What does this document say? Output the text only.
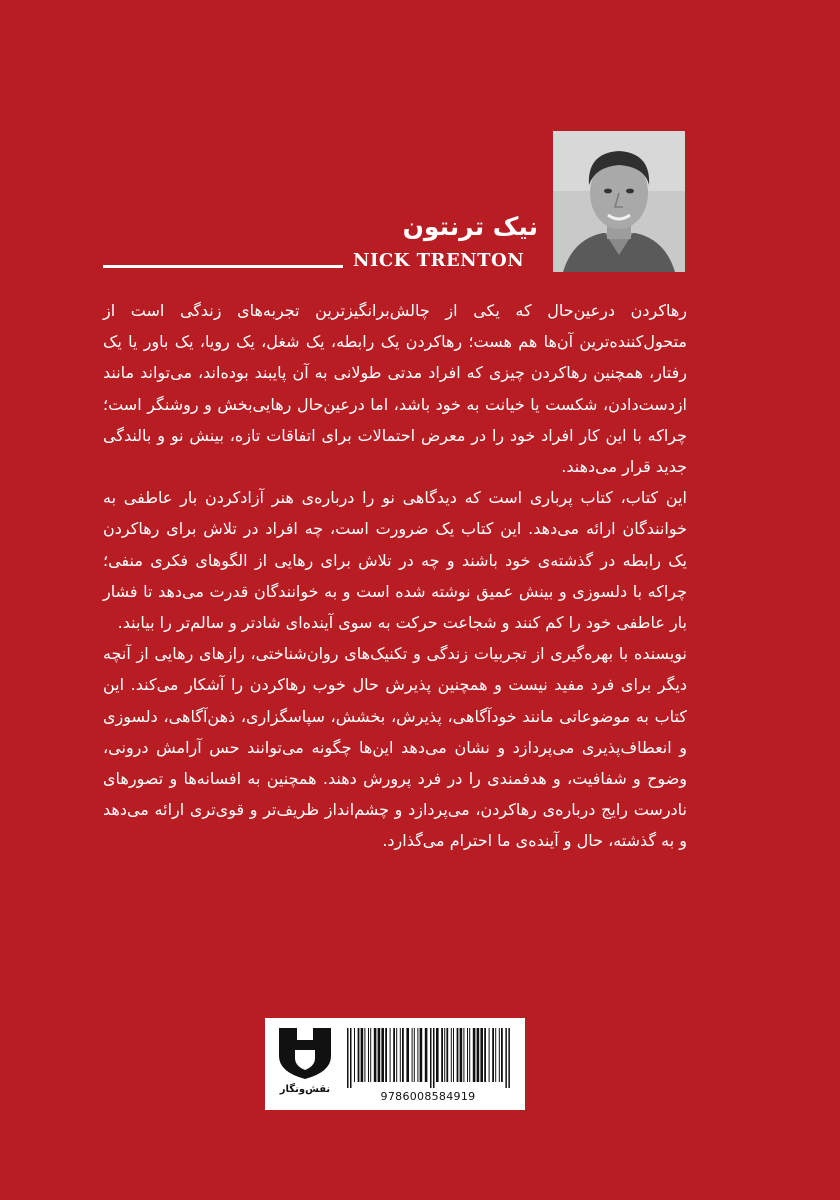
نیک ترنتون
NICK TRENTON

رهاکردن درعین‌حال که یکی از چالش‌برانگیزترین تجربه‌های زندگی است از متحول‌کننده‌ترین آن‌ها هم هست؛ رهاکردن یک رابطه، یک شغل، یک رویا، یک باور یا یک رفتار، همچنین رهاکردن چیزی که افراد مدتی طولانی به آن پایبند بوده‌اند، می‌تواند مانند ازدست‌دادن، شکست یا خیانت به خود باشد، اما درعین‌حال رهایی‌بخش و روشنگر است؛ چراکه با این کار افراد خود را در معرض احتمالات برای اتفاقات تازه، بینش نو و بالندگی جدید قرار می‌دهند.

این کتاب، کتاب پرباری است که دیدگاهی نو را درباره‌ی هنر آزادکردن بار عاطفی به خوانندگان ارائه می‌دهد. این کتاب یک ضرورت است، چه افراد در تلاش برای رهاکردن یک رابطه در گذشته‌ی خود باشند و چه در تلاش برای رهایی از الگوهای فکری منفی؛ چراکه با دلسوزی و بینش عمیق نوشته شده است و به خوانندگان قدرت می‌دهد تا فشار بار عاطفی خود را کم کنند و شجاعت حرکت به سوی آینده‌ای شادتر و سالم‌تر را بیابند.

نویسنده با بهره‌گیری از تجربیات زندگی و تکنیک‌های روان‌شناختی، رازهای رهایی از آنچه دیگر برای فرد مفید نیست و همچنین پذیرش حال خوب رهاکردن را آشکار می‌کند. این کتاب به موضوعاتی مانند خودآگاهی، پذیرش، بخشش، سپاسگزاری، ذهن‌آگاهی، دلسوزی و انعطاف‌پذیری می‌پردازد و نشان می‌دهد این‌ها چگونه می‌توانند حس آرامش درونی، وضوح و شفافیت، و هدفمندی را در فرد پرورش دهند. همچنین به افسانه‌ها و تصورهای نادرست رایج درباره‌ی رهاکردن، می‌پردازد و چشم‌انداز ظریف‌تر و قوی‌تری ارائه می‌دهد و به گذشته، حال و آینده‌ی ما احترام می‌گذارد.

نقش‌ونگار
9786008584919
